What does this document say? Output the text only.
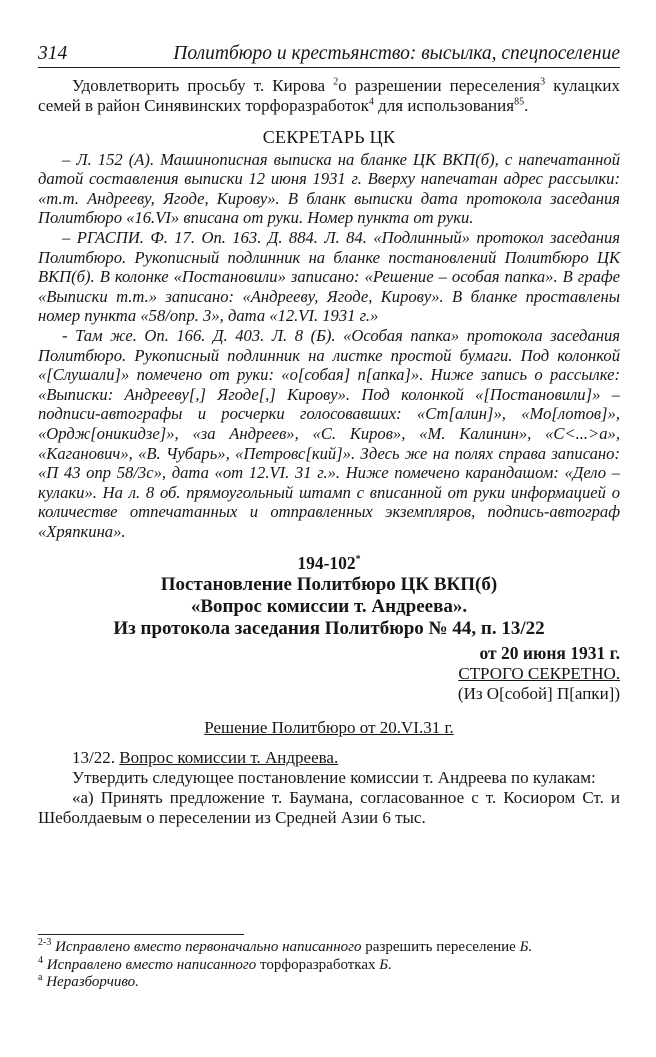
314	Политбюро и крестьянство: высылка, спецпоселение

Удовлетворить просьбу т. Кирова $^2$о разрешении переселения$^3$ кулацких семей в район Синявинских торфоразработок$^4$ для использования$^{85}$.

СЕКРЕТАРЬ ЦК

– Л. 152 (А). Машинописная выписка на бланке ЦК ВКП(б), с напечатанной датой составления выписки 12 июня 1931 г. Вверху напечатан адрес рассылки: «т.т. Андрееву, Ягоде, Кирову». В бланк выписки дата протокола заседания Политбюро «16.VI» вписана от руки. Номер пункта от руки.

– РГАСПИ. Ф. 17. Оп. 163. Д. 884. Л. 84. «Подлинный» протокол заседания Политбюро. Рукописный подлинник на бланке постановлений Политбюро ЦК ВКП(б). В колонке «Постановили» записано: «Решение – особая папка». В графе «Выписки т.т.» записано: «Андрееву, Ягоде, Кирову». В бланке проставлены номер пункта «58/опр. 3», дата «12.VI. 1931 г.»

- Там же. Оп. 166. Д. 403. Л. 8 (Б). «Особая папка» протокола заседания Политбюро. Рукописный подлинник на листке простой бумаги. Под колонкой «[Слушали]» помечено от руки: «о[собая] п[апка]». Ниже запись о рассылке: «Выписки: Андрееву[,] Ягоде[,] Кирову». Под колонкой «[Постановили]» – подписи-автографы и росчерки голосовавших: «Ст[алин]», «Мо[лотов]», «Ордж[оникидзе]», «за Андреев», «С. Киров», «М. Калинин», «С<...>а», «Каганович», «В. Чубарь», «Петровс[кий]». Здесь же на полях справа записано: «П 43 опр 58/3с», дата «от 12.VI. 31 г.». Ниже помечено карандашом: «Дело – кулаки». На л. 8 об. прямоугольный штамп с вписанной от руки информацией о количестве отпечатанных и отправленных экземпляров, подпись-автограф «Хряпкина».

194-102*

Постановление Политбюро ЦК ВКП(б)

«Вопрос комиссии т. Андреева».

Из протокола заседания Политбюро № 44, п. 13/22

от 20 июня 1931 г.

СТРОГО СЕКРЕТНО.

(Из О[собой] П[апки])

Решение Политбюро от 20.VI.31 г.

13/22. Вопрос комиссии т. Андреева.

Утвердить следующее постановление комиссии т. Андреева по кулакам:

«а) Принять предложение т. Баумана, согласованное с т. Косиором Ст. и Шеболдаевым о переселении из Средней Азии 6 тыс.

$^{2-3}$ Исправлено вместо первоначально написанного разрешить переселение Б.

$^4$ Исправлено вместо написанного торфоразработках Б.

$^а$ Неразборчиво.
